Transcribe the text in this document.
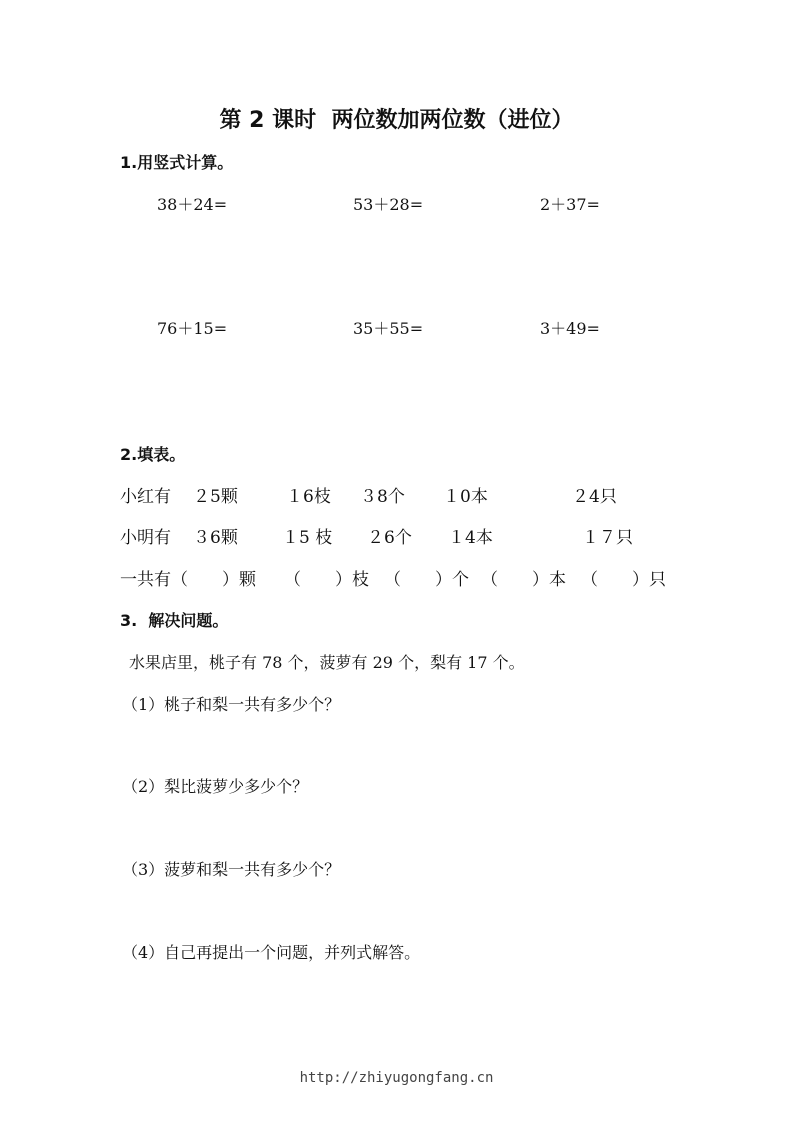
第 2 课时  两位数加两位数（进位）
1.用竖式计算。
38＋24=	53＋28=	2＋37=
76＋15=	35＋55=	3＋49=
2.填表。
小红有 ２5颗	１6枝 ３8个 １0本	２4只
小明有 ３6颗	１5 枝 ２6个 １4本	１７只
一共有（　　）颗 （　　）枝 （　　）个 （　　）本 （　　）只
3.  解决问题。
水果店里，桃子有 78 个，菠萝有 29 个，梨有 17 个。
（1）桃子和梨一共有多少个？
（2）梨比菠萝少多少个？
（3）菠萝和梨一共有多少个？
（4）自己再提出一个问题，并列式解答。
http://zhiyugongfang.cn
